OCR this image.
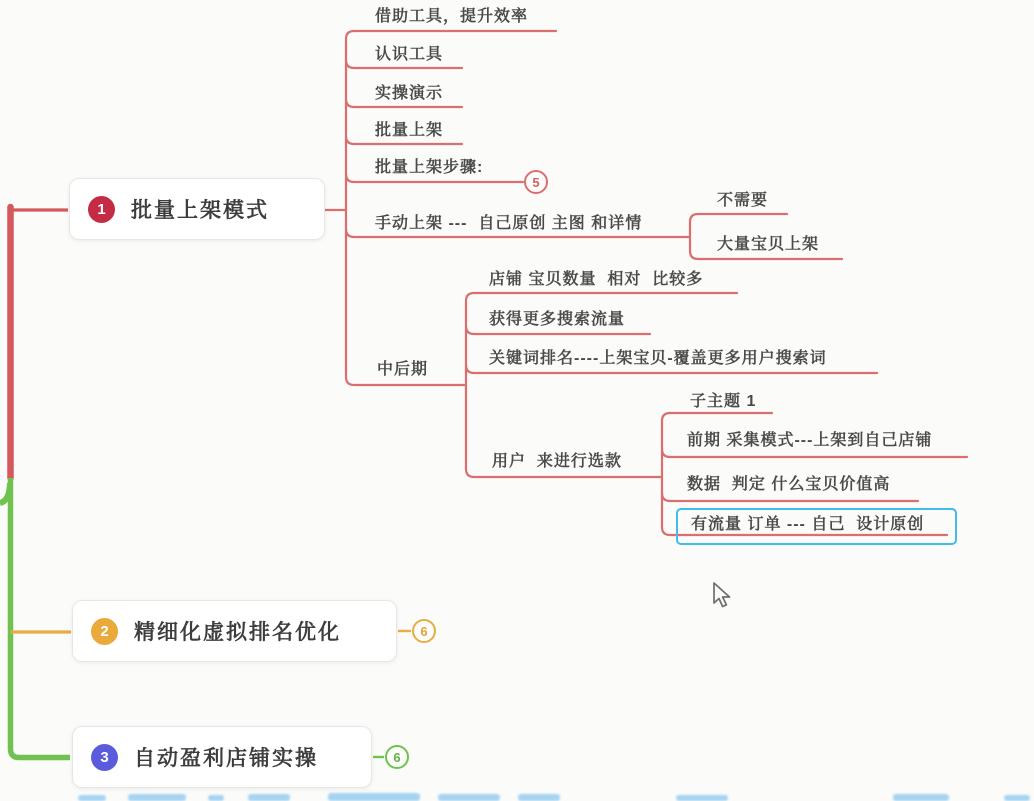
1	批量上架模式
2	精细化虚拟排名优化	6
3	自动盈利店铺实操	6
借助工具，提升效率
认识工具
实操演示
批量上架
批量上架步骤:
5
手动上架 ---  自己原创 主图 和详情
不需要
大量宝贝上架
中后期
店铺 宝贝数量  相对  比较多
获得更多搜索流量
关键词排名----上架宝贝-覆盖更多用户搜索词
用户  来进行选款
子主题 1
前期 采集模式---上架到自己店铺
数据  判定 什么宝贝价值高
有流量 订单 --- 自己  设计原创
